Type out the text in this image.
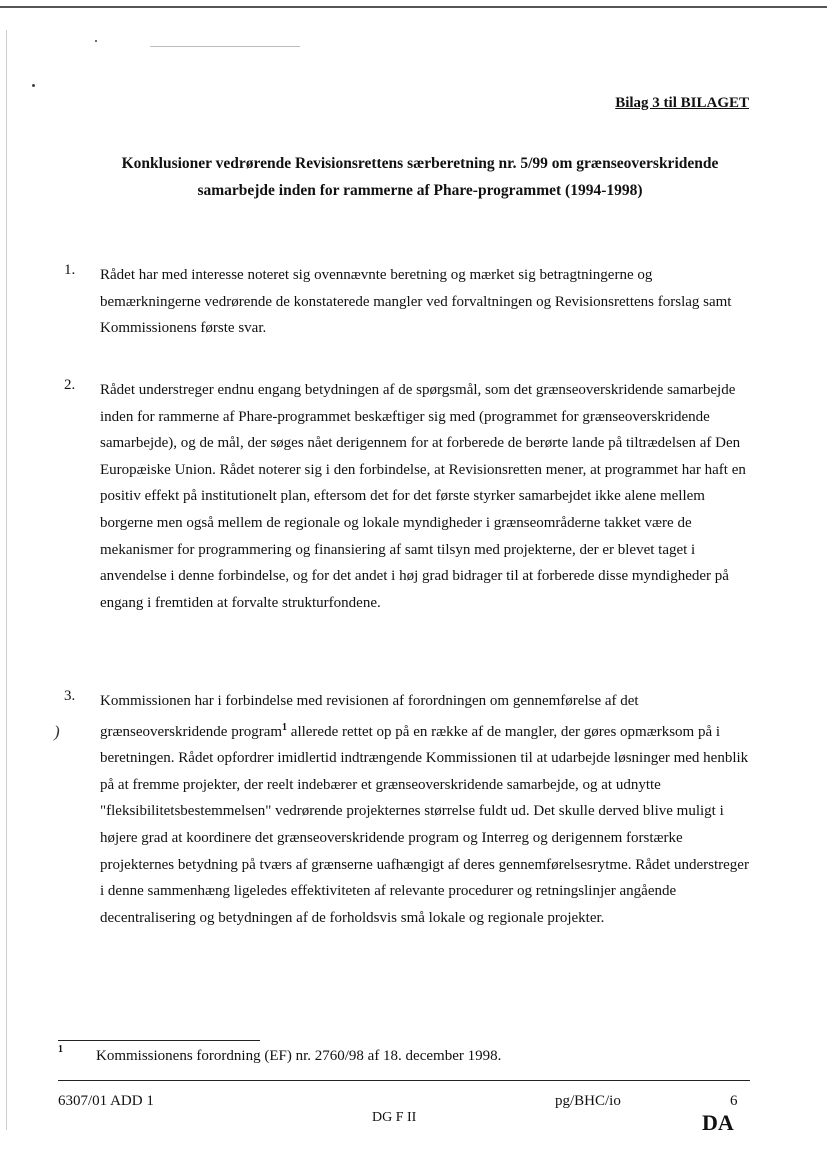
Bilag 3 til BILAGET
Konklusioner vedrørende Revisionsrettens særberetning nr. 5/99 om grænseoverskridende
samarbejde inden for rammerne af Phare-programmet (1994-1998)
1. Rådet har med interesse noteret sig ovennævnte beretning og mærket sig betragtningerne og bemærkningerne vedrørende de konstaterede mangler ved forvaltningen og Revisionsrettens forslag samt Kommissionens første svar.
2. Rådet understreger endnu engang betydningen af de spørgsmål, som det grænseoverskridende samarbejde inden for rammerne af Phare-programmet beskæftiger sig med (programmet for grænseoverskridende samarbejde), og de mål, der søges nået derigennem for at forberede de berørte lande på tiltrædelsen af Den Europæiske Union. Rådet noterer sig i den forbindelse, at Revisionsretten mener, at programmet har haft en positiv effekt på institutionelt plan, eftersom det for det første styrker samarbejdet ikke alene mellem borgerne men også mellem de regionale og lokale myndigheder i grænseområderne takket være de mekanismer for programmering og finansiering af samt tilsyn med projekterne, der er blevet taget i anvendelse i denne forbindelse, og for det andet i høj grad bidrager til at forberede disse myndigheder på engang i fremtiden at forvalte strukturfondene.
3. Kommissionen har i forbindelse med revisionen af forordningen om gennemførelse af det grænseoverskridende program$^1$ allerede rettet op på en række af de mangler, der gøres opmærksom på i beretningen. Rådet opfordrer imidlertid indtrængende Kommissionen til at udarbejde løsninger med henblik på at fremme projekter, der reelt indebærer et grænseoverskridende samarbejde, og at udnytte "fleksibilitetsbestemmelsen" vedrørende projekternes størrelse fuldt ud. Det skulle derved blive muligt i højere grad at koordinere det grænseoverskridende program og Interreg og derigennem forstærke projekternes betydning på tværs af grænserne uafhængigt af deres gennemførelsesrytme. Rådet understreger i denne sammenhæng ligeledes effektiviteten af relevante procedurer og retningslinjer angående decentralisering og betydningen af de forholdsvis små lokale og regionale projekter.
)
1 Kommissionens forordning (EF) nr. 2760/98 af 18. december 1998.
6307/01 ADD 1
DG F II
pg/BHC/io	6
DA
